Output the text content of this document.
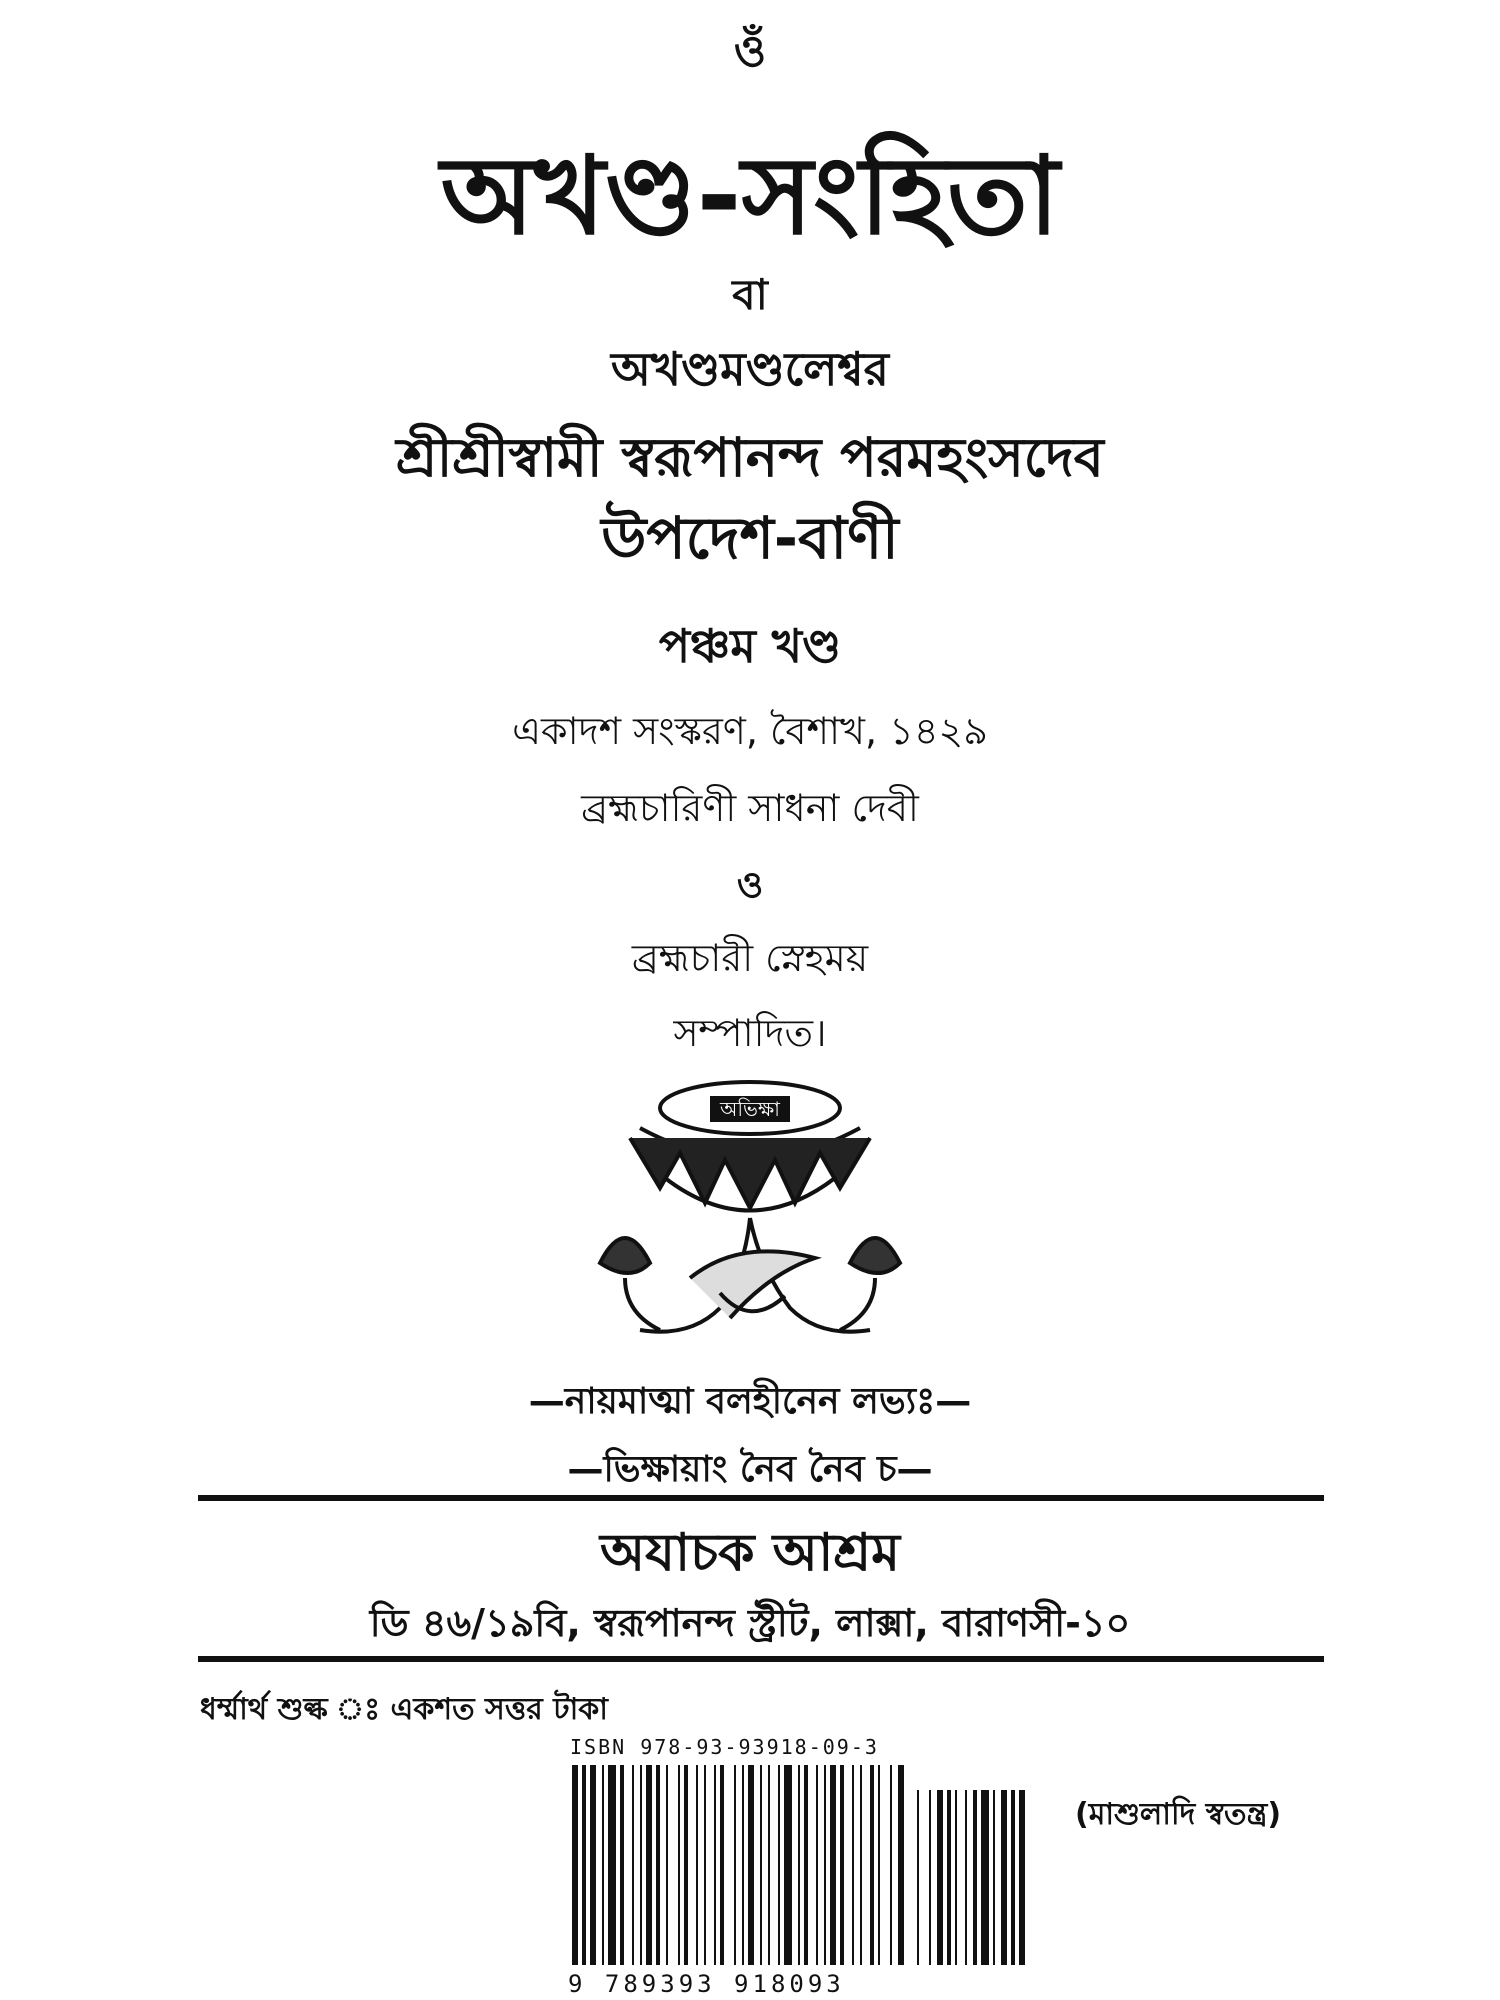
ওঁ
অখণ্ড-সংহিতা
বা
অখণ্ডমণ্ডলেশ্বর
শ্রীশ্রীস্বামী স্বরূপানন্দ পরমহংসদেব
উপদেশ-বাণী
পঞ্চম খণ্ড
একাদশ সংস্করণ, বৈশাখ, ১৪২৯
ব্রহ্মচারিণী সাধনা দেবী
ও
ব্রহ্মচারী স্নেহময়
সম্পাদিত।
অভিক্ষা
—নায়মাত্মা বলহীনেন লভ্যঃ—
—ভিক্ষায়াং নৈব নৈব চ—
অযাচক আশ্রম
ডি ৪৬/১৯বি, স্বরূপানন্দ স্ট্রীট, লাক্সা, বারাণসী-১০
ধর্ম্মার্থ শুল্ক ঃ একশত সত্তর টাকা
ISBN 978-93-93918-09-3
9 789393 918093
(মাশুলাদি স্বতন্ত্র)
